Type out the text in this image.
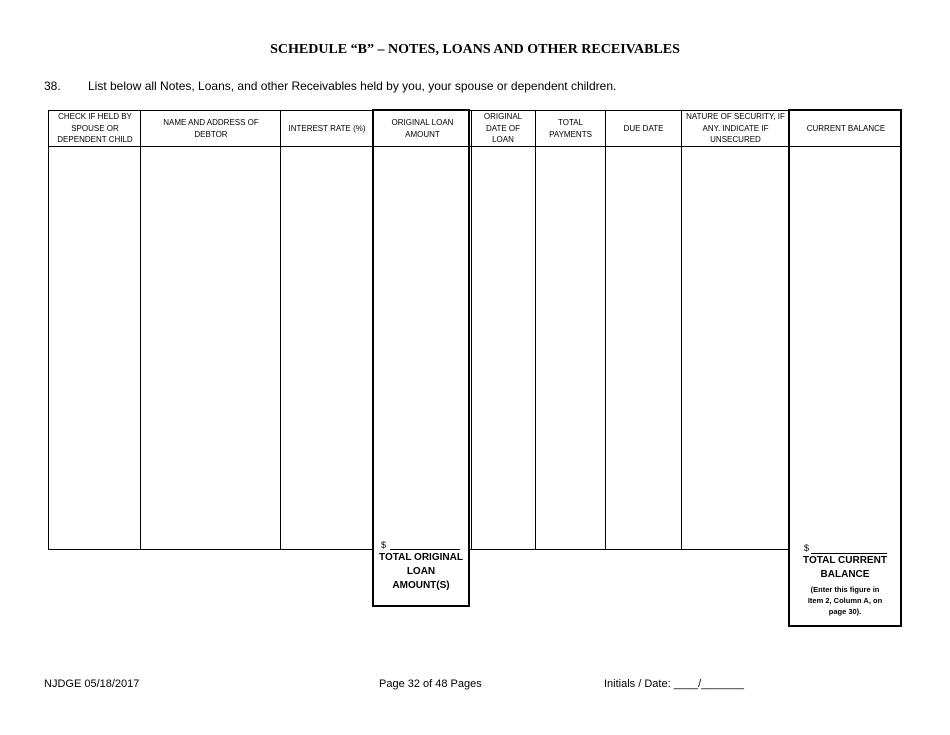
SCHEDULE “B” – NOTES, LOANS AND OTHER RECEIVABLES
38. List below all Notes, Loans, and other Receivables held by you, your spouse or dependent children.
CHECK IF HELD BY SPOUSE OR DEPENDENT CHILD
NAME AND ADDRESS OF DEBTOR
INTEREST RATE (%)
ORIGINAL LOAN AMOUNT
ORIGINAL DATE OF LOAN
TOTAL PAYMENTS
DUE DATE
NATURE OF SECURITY, IF ANY. INDICATE IF UNSECURED
CURRENT BALANCE
$
TOTAL ORIGINAL LOAN AMOUNT(S)
$
TOTAL CURRENT BALANCE
(Enter this figure in Item 2, Column A, on page 30).
NJDGE 05/18/2017	Page 32 of 48 Pages	Initials / Date: ____/_______
